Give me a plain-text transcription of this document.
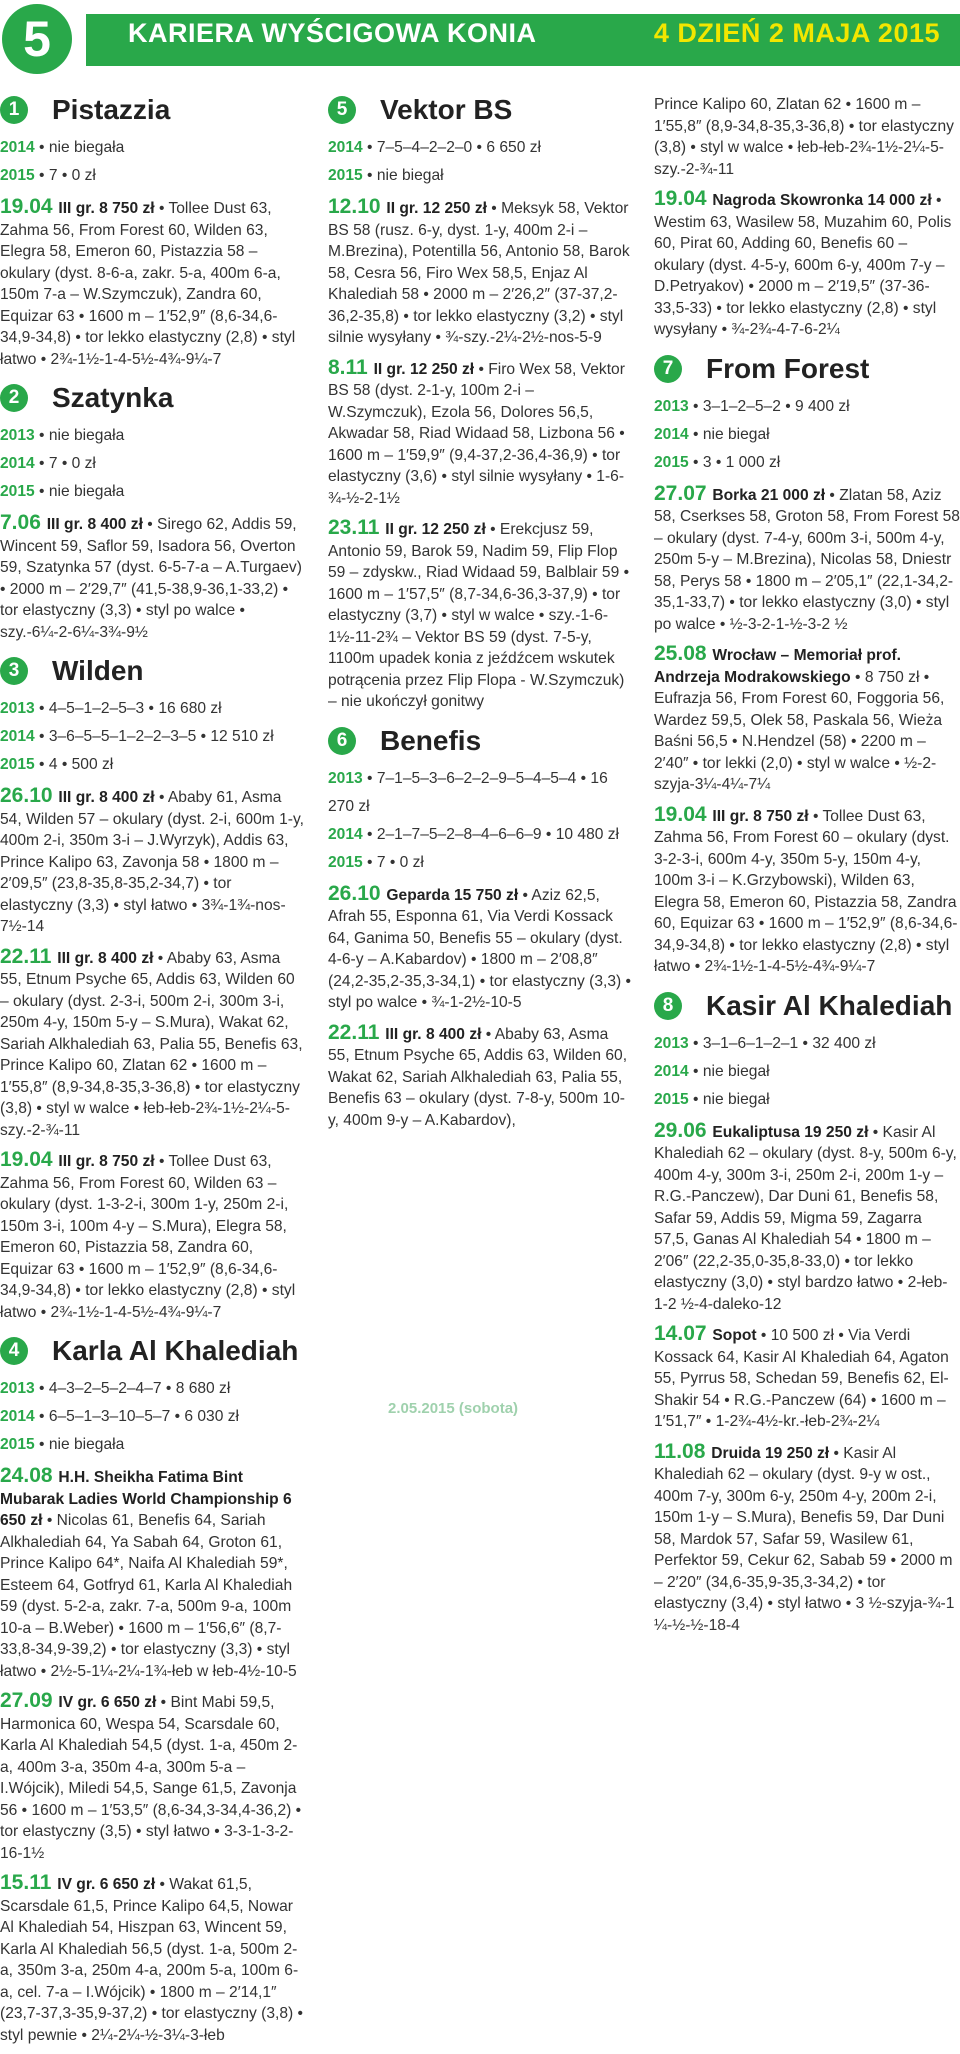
5	KARIERA WYŚCIGOWA KONIA	4 DZIEŃ 2 MAJA 2015
1	Pistazzia
2014 • nie biegała
2015 • 7 • 0 zł
19.04 III gr. 8 750 zł • Tollee Dust 63, Zahma 56, From Forest 60, Wilden 63, Elegra 58, Emeron 60, Pistazzia 58 – okulary (dyst. 8-6-a, zakr. 5-a, 400m 6-a, 150m 7-a – W.Szymczuk), Zandra 60, Equizar 63 • 1600 m – 1′52,9″ (8,6-34,6-34,9-34,8) • tor lekko elastyczny (2,8) • styl łatwo • 2¾-1½-1-4-5½-4¾-9¼-7
2	Szatynka
2013 • nie biegała
2014 • 7 • 0 zł
2015 • nie biegała
7.06 III gr. 8 400 zł • Sirego 62, Addis 59, Wincent 59, Saflor 59, Isadora 56, Overton 59, Szatynka 57 (dyst. 6-5-7-a – A.Turgaev) • 2000 m – 2′29,7″ (41,5-38,9-36,1-33,2) • tor elastyczny (3,3) • styl po walce • szy.-6¼-2-6¼-3¾-9½
3	Wilden
2013 • 4–5–1–2–5–3 • 16 680 zł
2014 • 3–6–5–5–1–2–2–3–5 • 12 510 zł
2015 • 4 • 500 zł
26.10 III gr. 8 400 zł • Ababy 61, Asma 54, Wilden 57 – okulary (dyst. 2-i, 600m 1-y, 400m 2-i, 350m 3-i – J.Wyrzyk), Addis 63, Prince Kalipo 63, Zavonja 58 • 1800 m – 2′09,5″ (23,8-35,8-35,2-34,7) • tor elastyczny (3,3) • styl łatwo • 3¾-1¾-nos-7½-14
22.11 III gr. 8 400 zł • Ababy 63, Asma 55, Etnum Psyche 65, Addis 63, Wilden 60 – okulary (dyst. 2-3-i, 500m 2-i, 300m 3-i, 250m 4-y, 150m 5-y – S.Mura), Wakat 62, Sariah Alkhalediah 63, Palia 55, Benefis 63, Prince Kalipo 60, Zlatan 62 • 1600 m – 1′55,8″ (8,9-34,8-35,3-36,8) • tor elastyczny (3,8) • styl w walce • łeb-łeb-2¾-1½-2¼-5-szy.-2-¾-11
19.04 III gr. 8 750 zł • Tollee Dust 63, Zahma 56, From Forest 60, Wilden 63 – okulary (dyst. 1-3-2-i, 300m 1-y, 250m 2-i, 150m 3-i, 100m 4-y – S.Mura), Elegra 58, Emeron 60, Pistazzia 58, Zandra 60, Equizar 63 • 1600 m – 1′52,9″ (8,6-34,6-34,9-34,8) • tor lekko elastyczny (2,8) • styl łatwo • 2¾-1½-1-4-5½-4¾-9¼-7
4	Karla Al Khalediah
2013 • 4–3–2–5–2–4–7 • 8 680 zł
2014 • 6–5–1–3–10–5–7 • 6 030 zł
2015 • nie biegała
24.08 H.H. Sheikha Fatima Bint Mubarak Ladies World Championship 6 650 zł • Nicolas 61, Benefis 64, Sariah Alkhalediah 64, Ya Sabah 64, Groton 61, Prince Kalipo 64*, Naifa Al Khalediah 59*, Esteem 64, Gotfryd 61, Karla Al Khalediah 59 (dyst. 5-2-a, zakr. 7-a, 500m 9-a, 100m 10-a – B.Weber) • 1600 m – 1′56,6″ (8,7-33,8-34,9-39,2) • tor elastyczny (3,3) • styl łatwo • 2½-5-1¼-2¼-1¾-łeb w łeb-4½-10-5
27.09 IV gr. 6 650 zł • Bint Mabi 59,5, Harmonica 60, Wespa 54, Scarsdale 60, Karla Al Khalediah 54,5 (dyst. 1-a, 450m 2-a, 400m 3-a, 350m 4-a, 300m 5-a – I.Wójcik), Miledi 54,5, Sange 61,5, Zavonja 56 • 1600 m – 1′53,5″ (8,6-34,3-34,4-36,2) • tor elastyczny (3,5) • styl łatwo • 3-3-1-3-2-16-1½
15.11 IV gr. 6 650 zł • Wakat 61,5, Scarsdale 61,5, Prince Kalipo 64,5, Nowar Al Khalediah 54, Hiszpan 63, Wincent 59, Karla Al Khalediah 56,5 (dyst. 1-a, 500m 2-a, 350m 3-a, 250m 4-a, 200m 5-a, 100m 6-a, cel. 7-a – I.Wójcik) • 1800 m – 2′14,1″ (23,7-37,3-35,9-37,2) • tor elastyczny (3,8) • styl pewnie • 2¼-2¼-½-3¼-3-łeb
5	Vektor BS
2014 • 7–5–4–2–2–0 • 6 650 zł
2015 • nie biegał
12.10 II gr. 12 250 zł • Meksyk 58, Vektor BS 58 (rusz. 6-y, dyst. 1-y, 400m 2-i – M.Brezina), Potentilla 56, Antonio 58, Barok 58, Cesra 56, Firo Wex 58,5, Enjaz Al Khalediah 58 • 2000 m – 2′26,2″ (37-37,2-36,2-35,8) • tor lekko elastyczny (3,2) • styl silnie wysyłany • ¾-szy.-2¼-2½-nos-5-9
8.11 II gr. 12 250 zł • Firo Wex 58, Vektor BS 58 (dyst. 2-1-y, 100m 2-i – W.Szymczuk), Ezola 56, Dolores 56,5, Akwadar 58, Riad Widaad 58, Lizbona 56 • 1600 m – 1′59,9″ (9,4-37,2-36,4-36,9) • tor elastyczny (3,6) • styl silnie wysyłany • 1-6-¾-½-2-1½
23.11 II gr. 12 250 zł • Erekcjusz 59, Antonio 59, Barok 59, Nadim 59, Flip Flop 59 – zdyskw., Riad Widaad 59, Balblair 59 • 1600 m – 1′57,5″ (8,7-34,6-36,3-37,9) • tor elastyczny (3,7) • styl w walce • szy.-1-6-1½-11-2¾ – Vektor BS 59 (dyst. 7-5-y, 1100m upadek konia z jeźdźcem wskutek potrącenia przez Flip Flopa - W.Szymczuk) – nie ukończył gonitwy
6	Benefis
2013 • 7–1–5–3–6–2–2–9–5–4–5–4 • 16 270 zł
2014 • 2–1–7–5–2–8–4–6–6–9 • 10 480 zł
2015 • 7 • 0 zł
26.10 Gepardа 15 750 zł • Aziz 62,5, Afrah 55, Esponna 61, Via Verdi Kossack 64, Ganima 50, Benefis 55 – okulary (dyst. 4-6-y – A.Kabardov) • 1800 m – 2′08,8″ (24,2-35,2-35,3-34,1) • tor elastyczny (3,3) • styl po walce • ¾-1-2½-10-5
22.11 III gr. 8 400 zł • Ababy 63, Asma 55, Etnum Psyche 65, Addis 63, Wilden 60, Wakat 62, Sariah Alkhalediah 63, Palia 55, Benefis 63 – okulary (dyst. 7-8-y, 500m 10-y, 400m 9-y – A.Kabardov),
Prince Kalipo 60, Zlatan 62 • 1600 m – 1′55,8″ (8,9-34,8-35,3-36,8) • tor elastyczny (3,8) • styl w walce • łeb-łeb-2¾-1½-2¼-5-szy.-2-¾-11
19.04 Nagroda Skowronka 14 000 zł • Westim 63, Wasilew 58, Muzahim 60, Polis 60, Pirat 60, Adding 60, Benefis 60 – okulary (dyst. 4-5-y, 600m 6-y, 400m 7-y – D.Petryakov) • 2000 m – 2′19,5″ (37-36-33,5-33) • tor lekko elastyczny (2,8) • styl wysyłany • ¾-2¾-4-7-6-2¼
7	From Forest
2013 • 3–1–2–5–2 • 9 400 zł
2014 • nie biegał
2015 • 3 • 1 000 zł
27.07 Borka 21 000 zł • Zlatan 58, Aziz 58, Cserkses 58, Groton 58, From Forest 58 – okulary (dyst. 7-4-y, 600m 3-i, 500m 4-y, 250m 5-y – M.Brezina), Nicolas 58, Dniestr 58, Perys 58 • 1800 m – 2′05,1″ (22,1-34,2-35,1-33,7) • tor lekko elastyczny (3,0) • styl po walce • ½-3-2-1-½-3-2 ½
25.08 Wrocław – Memoriał prof. Andrzeja Modrakowskiego • 8 750 zł • Eufrazja 56, From Forest 60, Foggoria 56, Wardez 59,5, Olek 58, Paskala 56, Wieża Baśni 56,5 • N.Hendzel (58) • 2200 m – 2′40″ • tor lekki (2,0) • styl w walce • ½-2-szyja-3¼-4¼-7¼
19.04 III gr. 8 750 zł • Tollee Dust 63, Zahma 56, From Forest 60 – okulary (dyst. 3-2-3-i, 600m 4-y, 350m 5-y, 150m 4-y, 100m 3-i – K.Grzybowski), Wilden 63, Elegra 58, Emeron 60, Pistazzia 58, Zandra 60, Equizar 63 • 1600 m – 1′52,9″ (8,6-34,6-34,9-34,8) • tor lekko elastyczny (2,8) • styl łatwo • 2¾-1½-1-4-5½-4¾-9¼-7
8	Kasir Al Khalediah
2013 • 3–1–6–1–2–1 • 32 400 zł
2014 • nie biegał
2015 • nie biegał
29.06 Eukaliptusa 19 250 zł • Kasir Al Khalediah 62 – okulary (dyst. 8-y, 500m 6-y, 400m 4-y, 300m 3-i, 250m 2-i, 200m 1-y – R.G.-Panczew), Dar Duni 61, Benefis 58, Safar 59, Addis 59, Migma 59, Zagarra 57,5, Ganas Al Khalediah 54 • 1800 m – 2′06″ (22,2-35,0-35,8-33,0) • tor lekko elastyczny (3,0) • styl bardzo łatwo • 2-łeb-1-2 ½-4-daleko-12
14.07 Sopot • 10 500 zł • Via Verdi Kossack 64, Kasir Al Khalediah 64, Agaton 55, Pyrrus 58, Schedan 59, Benefis 62, El-Shakir 54 • R.G.-Panczew (64) • 1600 m – 1′51,7″ • 1-2¾-4½-kr.-łeb-2¾-2¼
11.08 Druida 19 250 zł • Kasir Al Khalediah 62 – okulary (dyst. 9-y w ost., 400m 7-y, 300m 6-y, 250m 4-y, 200m 2-i, 150m 1-y – S.Mura), Benefis 59, Dar Duni 58, Mardok 57, Safar 59, Wasilew 61, Perfektor 59, Cekur 62, Sabab 59 • 2000 m – 2′20″ (34,6-35,9-35,3-34,2) • tor elastyczny (3,4) • styl łatwo • 3 ½-szyja-¾-1 ¼-½-½-18-4
2.05.2015 (sobota)
